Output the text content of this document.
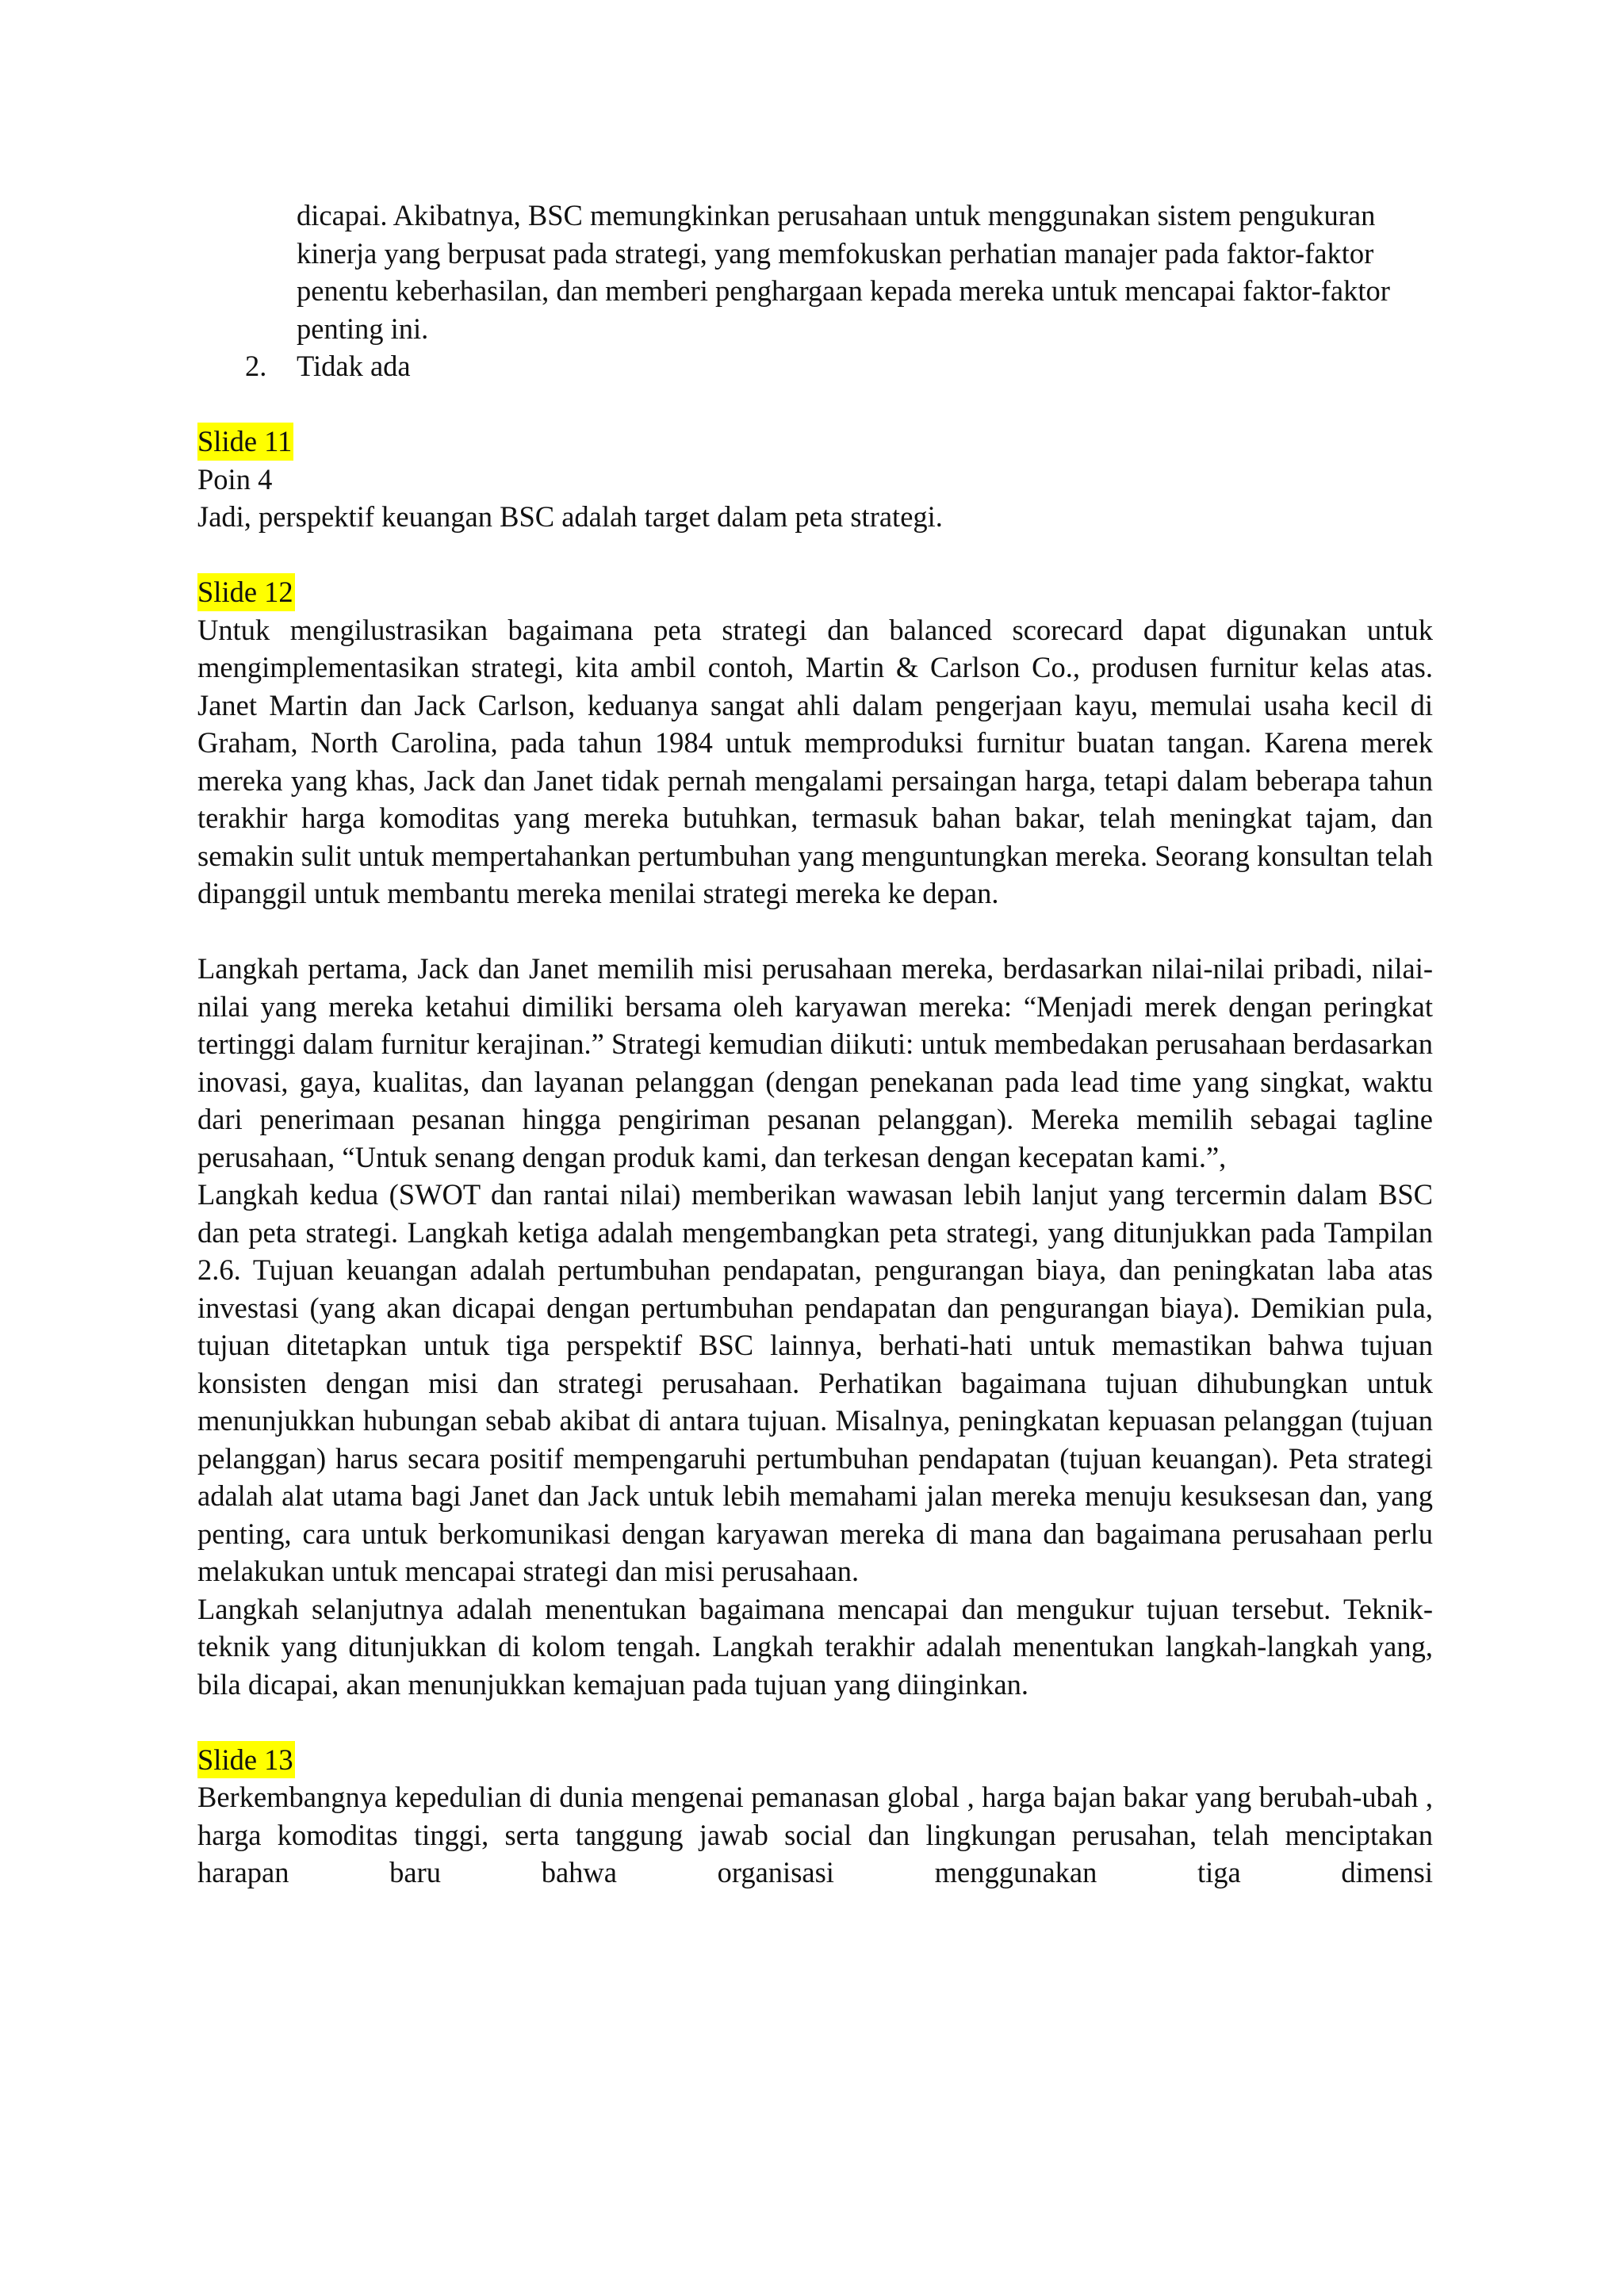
dicapai. Akibatnya, BSC memungkinkan perusahaan untuk menggunakan sistem pengukuran kinerja yang berpusat pada strategi, yang memfokuskan perhatian manajer pada faktor-faktor penentu keberhasilan, dan memberi penghargaan kepada mereka untuk mencapai faktor-faktor penting ini.

2. Tidak ada
Slide 11
Poin 4
Jadi, perspektif keuangan BSC adalah target dalam peta strategi.
Slide 12

Untuk mengilustrasikan bagaimana peta strategi dan balanced scorecard dapat digunakan untuk mengimplementasikan strategi, kita ambil contoh, Martin & Carlson Co., produsen furnitur kelas atas. Janet Martin dan Jack Carlson, keduanya sangat ahli dalam pengerjaan kayu, memulai usaha kecil di Graham, North Carolina, pada tahun 1984 untuk memproduksi furnitur buatan tangan. Karena merek mereka yang khas, Jack dan Janet tidak pernah mengalami persaingan harga, tetapi dalam beberapa tahun terakhir harga komoditas yang mereka butuhkan, termasuk bahan bakar, telah meningkat tajam, dan semakin sulit untuk mempertahankan pertumbuhan yang menguntungkan mereka. Seorang konsultan telah dipanggil untuk membantu mereka menilai strategi mereka ke depan.

Langkah pertama, Jack dan Janet memilih misi perusahaan mereka, berdasarkan nilai-nilai pribadi, nilai-nilai yang mereka ketahui dimiliki bersama oleh karyawan mereka: “Menjadi merek dengan peringkat tertinggi dalam furnitur kerajinan.” Strategi kemudian diikuti: untuk membedakan perusahaan berdasarkan inovasi, gaya, kualitas, dan layanan pelanggan (dengan penekanan pada lead time yang singkat, waktu dari penerimaan pesanan hingga pengiriman pesanan pelanggan). Mereka memilih sebagai tagline perusahaan, “Untuk senang dengan produk kami, dan terkesan dengan kecepatan kami.”,

Langkah kedua (SWOT dan rantai nilai) memberikan wawasan lebih lanjut yang tercermin dalam BSC dan peta strategi. Langkah ketiga adalah mengembangkan peta strategi, yang ditunjukkan pada Tampilan 2.6. Tujuan keuangan adalah pertumbuhan pendapatan, pengurangan biaya, dan peningkatan laba atas investasi (yang akan dicapai dengan pertumbuhan pendapatan dan pengurangan biaya). Demikian pula, tujuan ditetapkan untuk tiga perspektif BSC lainnya, berhati-hati untuk memastikan bahwa tujuan konsisten dengan misi dan strategi perusahaan. Perhatikan bagaimana tujuan dihubungkan untuk menunjukkan hubungan sebab akibat di antara tujuan. Misalnya, peningkatan kepuasan pelanggan (tujuan pelanggan) harus secara positif mempengaruhi pertumbuhan pendapatan (tujuan keuangan). Peta strategi adalah alat utama bagi Janet dan Jack untuk lebih memahami jalan mereka menuju kesuksesan dan, yang penting, cara untuk berkomunikasi dengan karyawan mereka di mana dan bagaimana perusahaan perlu melakukan untuk mencapai strategi dan misi perusahaan.

Langkah selanjutnya adalah menentukan bagaimana mencapai dan mengukur tujuan tersebut. Teknik-teknik yang ditunjukkan di kolom tengah. Langkah terakhir adalah menentukan langkah-langkah yang, bila dicapai, akan menunjukkan kemajuan pada tujuan yang diinginkan.

Slide 13

Berkembangnya kepedulian di dunia mengenai pemanasan global , harga bajan bakar yang berubah-ubah , harga komoditas tinggi, serta tanggung jawab social dan lingkungan perusahan, telah menciptakan harapan baru bahwa organisasi menggunakan tiga dimensi
